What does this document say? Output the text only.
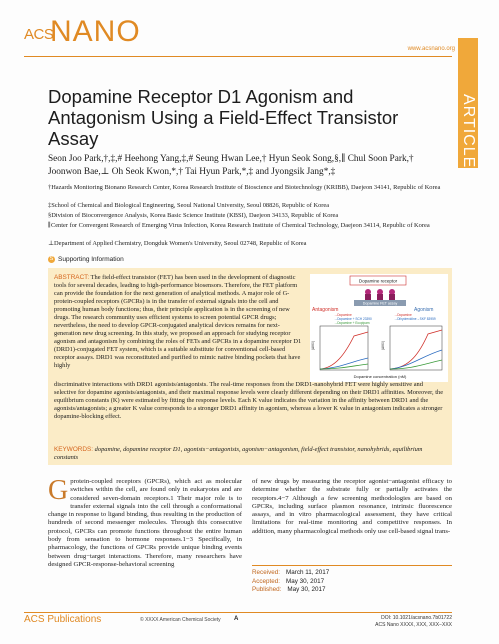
ACS
NANO
www.acsnano.org
Dopamine Receptor D1 Agonism and Antagonism Using a Field-Effect Transistor Assay
Seon Joo Park,†,‡,# Heehong Yang,‡,# Seung Hwan Lee,† Hyun Seok Song,§,∥ Chul Soon Park,†
Joonwon Bae,⊥ Oh Seok Kwon,*,† Tai Hyun Park,*,‡ and Jyongsik Jang*,‡
†Hazards Monitoring Bionano Research Center, Korea Research Institute of Bioscience and Biotechnology (KRIBB), Daejeon 34141, Republic of Korea
‡School of Chemical and Biological Engineering, Seoul National University, Seoul 08826, Republic of Korea
§Division of Bioconvergence Analysis, Korea Basic Science Institute (KBSI), Daejeon 34133, Republic of Korea
∥Center for Convergent Research of Emerging Virus Infection, Korea Research Institute of Chemical Technology, Daejeon 34114, Republic of Korea
⊥Department of Applied Chemistry, Dongduk Women's University, Seoul 02748, Republic of Korea
S Supporting Information
ABSTRACT: The field-effect transistor (FET) has been used in the development of diagnostic tools for several decades, leading to high-performance biosensors. Therefore, the FET platform can provide the foundation for the next generation of analytical methods. A major role of G-protein-coupled receptors (GPCRs) is in the transfer of external signals into the cell and promoting human body functions; thus, their principle application is in the screening of new drugs. The research community uses efficient systems to screen potential GPCR drugs; nevertheless, the need to develop GPCR-conjugated analytical devices remains for next-generation new drug screening. In this study, we proposed an approach for studying receptor agonism and antagonism by combining the roles of FETs and GPCRs in a dopamine receptor D1 (DRD1)-conjugated FET system, which is a suitable substitute for conventional cell-based receptor assays. DRD1 was reconstituted and purified to mimic native binding pockets that have highly
Dopamine receptor
Dopamine FET assay
Antagonism	Agonism
→Dopamine
→Dopamine + SCH 23390
→Dopamine + Ecopipam
→Dopamine
→Dihydrexidine→SKF 83959
|ΔI/I0|	|ΔI/I0|
Dopamine concentration (nM)
discriminative interactions with DRD1 agonists/antagonists. The real-time responses from the DRD1-nanohybrid FET were highly sensitive and selective for dopamine agonists/antagonists, and their maximal response levels were clearly different depending on their DRD1 affinities. Moreover, the equilibrium constants (K) were estimated by fitting the response levels. Each K value indicates the variation in the affinity between DRD1 and the agonists/antagonists; a greater K value corresponds to a stronger DRD1 affinity in agonism, whereas a lower K value in antagonism indicates a stronger dopamine-blocking effect.
KEYWORDS: dopamine, dopamine receptor D1, agonists−antagonists, agonism−antagonism, field-effect transistor, nanohybrids, equilibrium constants
Gprotein-coupled receptors (GPCRs), which act as molecular switches within the cell, are found only in eukaryotes and are considered seven-domain receptors.1 Their major role is to transfer external signals into the cell through a conformational change in response to ligand binding, thus resulting in the production of hundreds of second messenger molecules. Through this consecutive protocol, GPCRs can promote functions throughout the entire human body from sensation to hormone responses.1−3 Specifically, in pharmacology, the functions of GPCRs provide unique binding events between drug−target interactions. Therefore, many researchers have designed GPCR-response-behavioral screening
of new drugs by measuring the receptor agonist−antagonist efficacy to determine whether the substrate fully or partially activates the receptors.4−7 Although a few screening methodologies are based on GPCRs, including surface plasmon resonance, intrinsic fluorescence assays, and in vitro pharmacological assessment, they have critical limitations for real-time monitoring and competitive responses. In addition, many pharmacological methods only use cell-based signal trans-
Received: March 11, 2017
Accepted: May 30, 2017
Published: May 30, 2017
ACS Publications	© XXXX American Chemical Society A	DOI: 10.1021/acsnano.7b01722
ACS Nano XXXX, XXX, XXX−XXX
